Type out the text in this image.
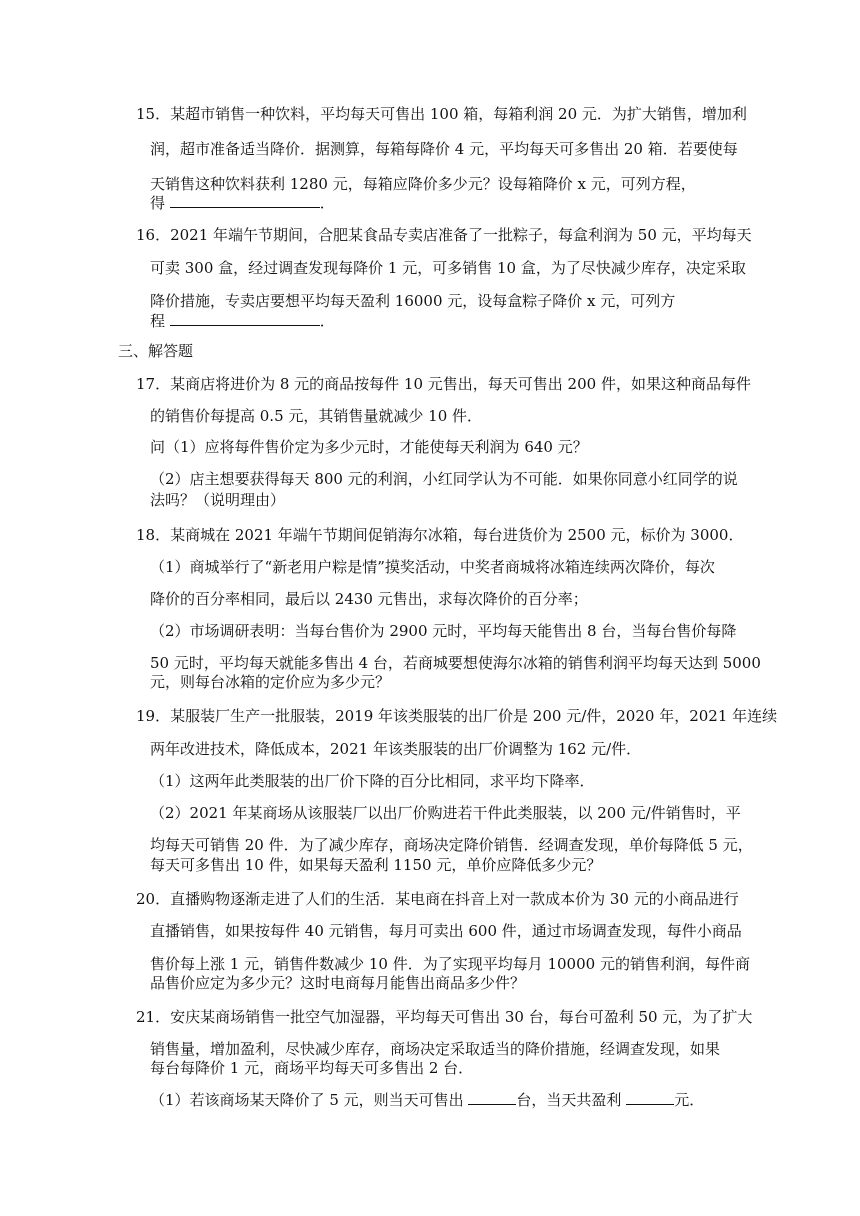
15．某超市销售一种饮料，平均每天可售出 100 箱，每箱利润 20 元．为扩大销售，增加利
润，超市准备适当降价．据测算，每箱每降价 4 元，平均每天可多售出 20 箱．若要使每
天销售这种饮料获利 1280 元，每箱应降价多少元？设每箱降价 x 元，可列方程，
得	．
16．2021 年端午节期间，合肥某食品专卖店准备了一批粽子，每盒利润为 50 元，平均每天
可卖 300 盒，经过调查发现每降价 1 元，可多销售 10 盒，为了尽快减少库存，决定采取
降价措施，专卖店要想平均每天盈利 16000 元，设每盒粽子降价 x 元，可列方
程	．
三、解答题
17．某商店将进价为 8 元的商品按每件 10 元售出，每天可售出 200 件，如果这种商品每件
的销售价每提高 0.5 元，其销售量就减少 10 件．
问（1）应将每件售价定为多少元时，才能使每天利润为 640 元？
（2）店主想要获得每天 800 元的利润，小红同学认为不可能．如果你同意小红同学的说
法吗？（说明理由）
18．某商城在 2021 年端午节期间促销海尔冰箱，每台进货价为 2500 元，标价为 3000．
（1）商城举行了“新老用户粽是情”摸奖活动，中奖者商城将冰箱连续两次降价，每次
降价的百分率相同，最后以 2430 元售出，求每次降价的百分率；
（2）市场调研表明：当每台售价为 2900 元时，平均每天能售出 8 台，当每台售价每降
50 元时，平均每天就能多售出 4 台，若商城要想使海尔冰箱的销售利润平均每天达到 5000
元，则每台冰箱的定价应为多少元？
19．某服装厂生产一批服装，2019 年该类服装的出厂价是 200 元/件，2020 年，2021 年连续
两年改进技术，降低成本，2021 年该类服装的出厂价调整为 162 元/件．
（1）这两年此类服装的出厂价下降的百分比相同，求平均下降率．
（2）2021 年某商场从该服装厂以出厂价购进若干件此类服装，以 200 元/件销售时，平
均每天可销售 20 件．为了减少库存，商场决定降价销售．经调查发现，单价每降低 5 元，
每天可多售出 10 件，如果每天盈利 1150 元，单价应降低多少元？
20．直播购物逐渐走进了人们的生活．某电商在抖音上对一款成本价为 30 元的小商品进行
直播销售，如果按每件 40 元销售，每月可卖出 600 件，通过市场调查发现，每件小商品
售价每上涨 1 元，销售件数减少 10 件．为了实现平均每月 10000 元的销售利润，每件商
品售价应定为多少元？这时电商每月能售出商品多少件？
21．安庆某商场销售一批空气加湿器，平均每天可售出 30 台，每台可盈利 50 元，为了扩大
销售量，增加盈利，尽快减少库存，商场决定采取适当的降价措施，经调查发现，如果
每台每降价 1 元，商场平均每天可多售出 2 台．
（1）若该商场某天降价了 5 元，则当天可售出	台，当天共盈利	元．
